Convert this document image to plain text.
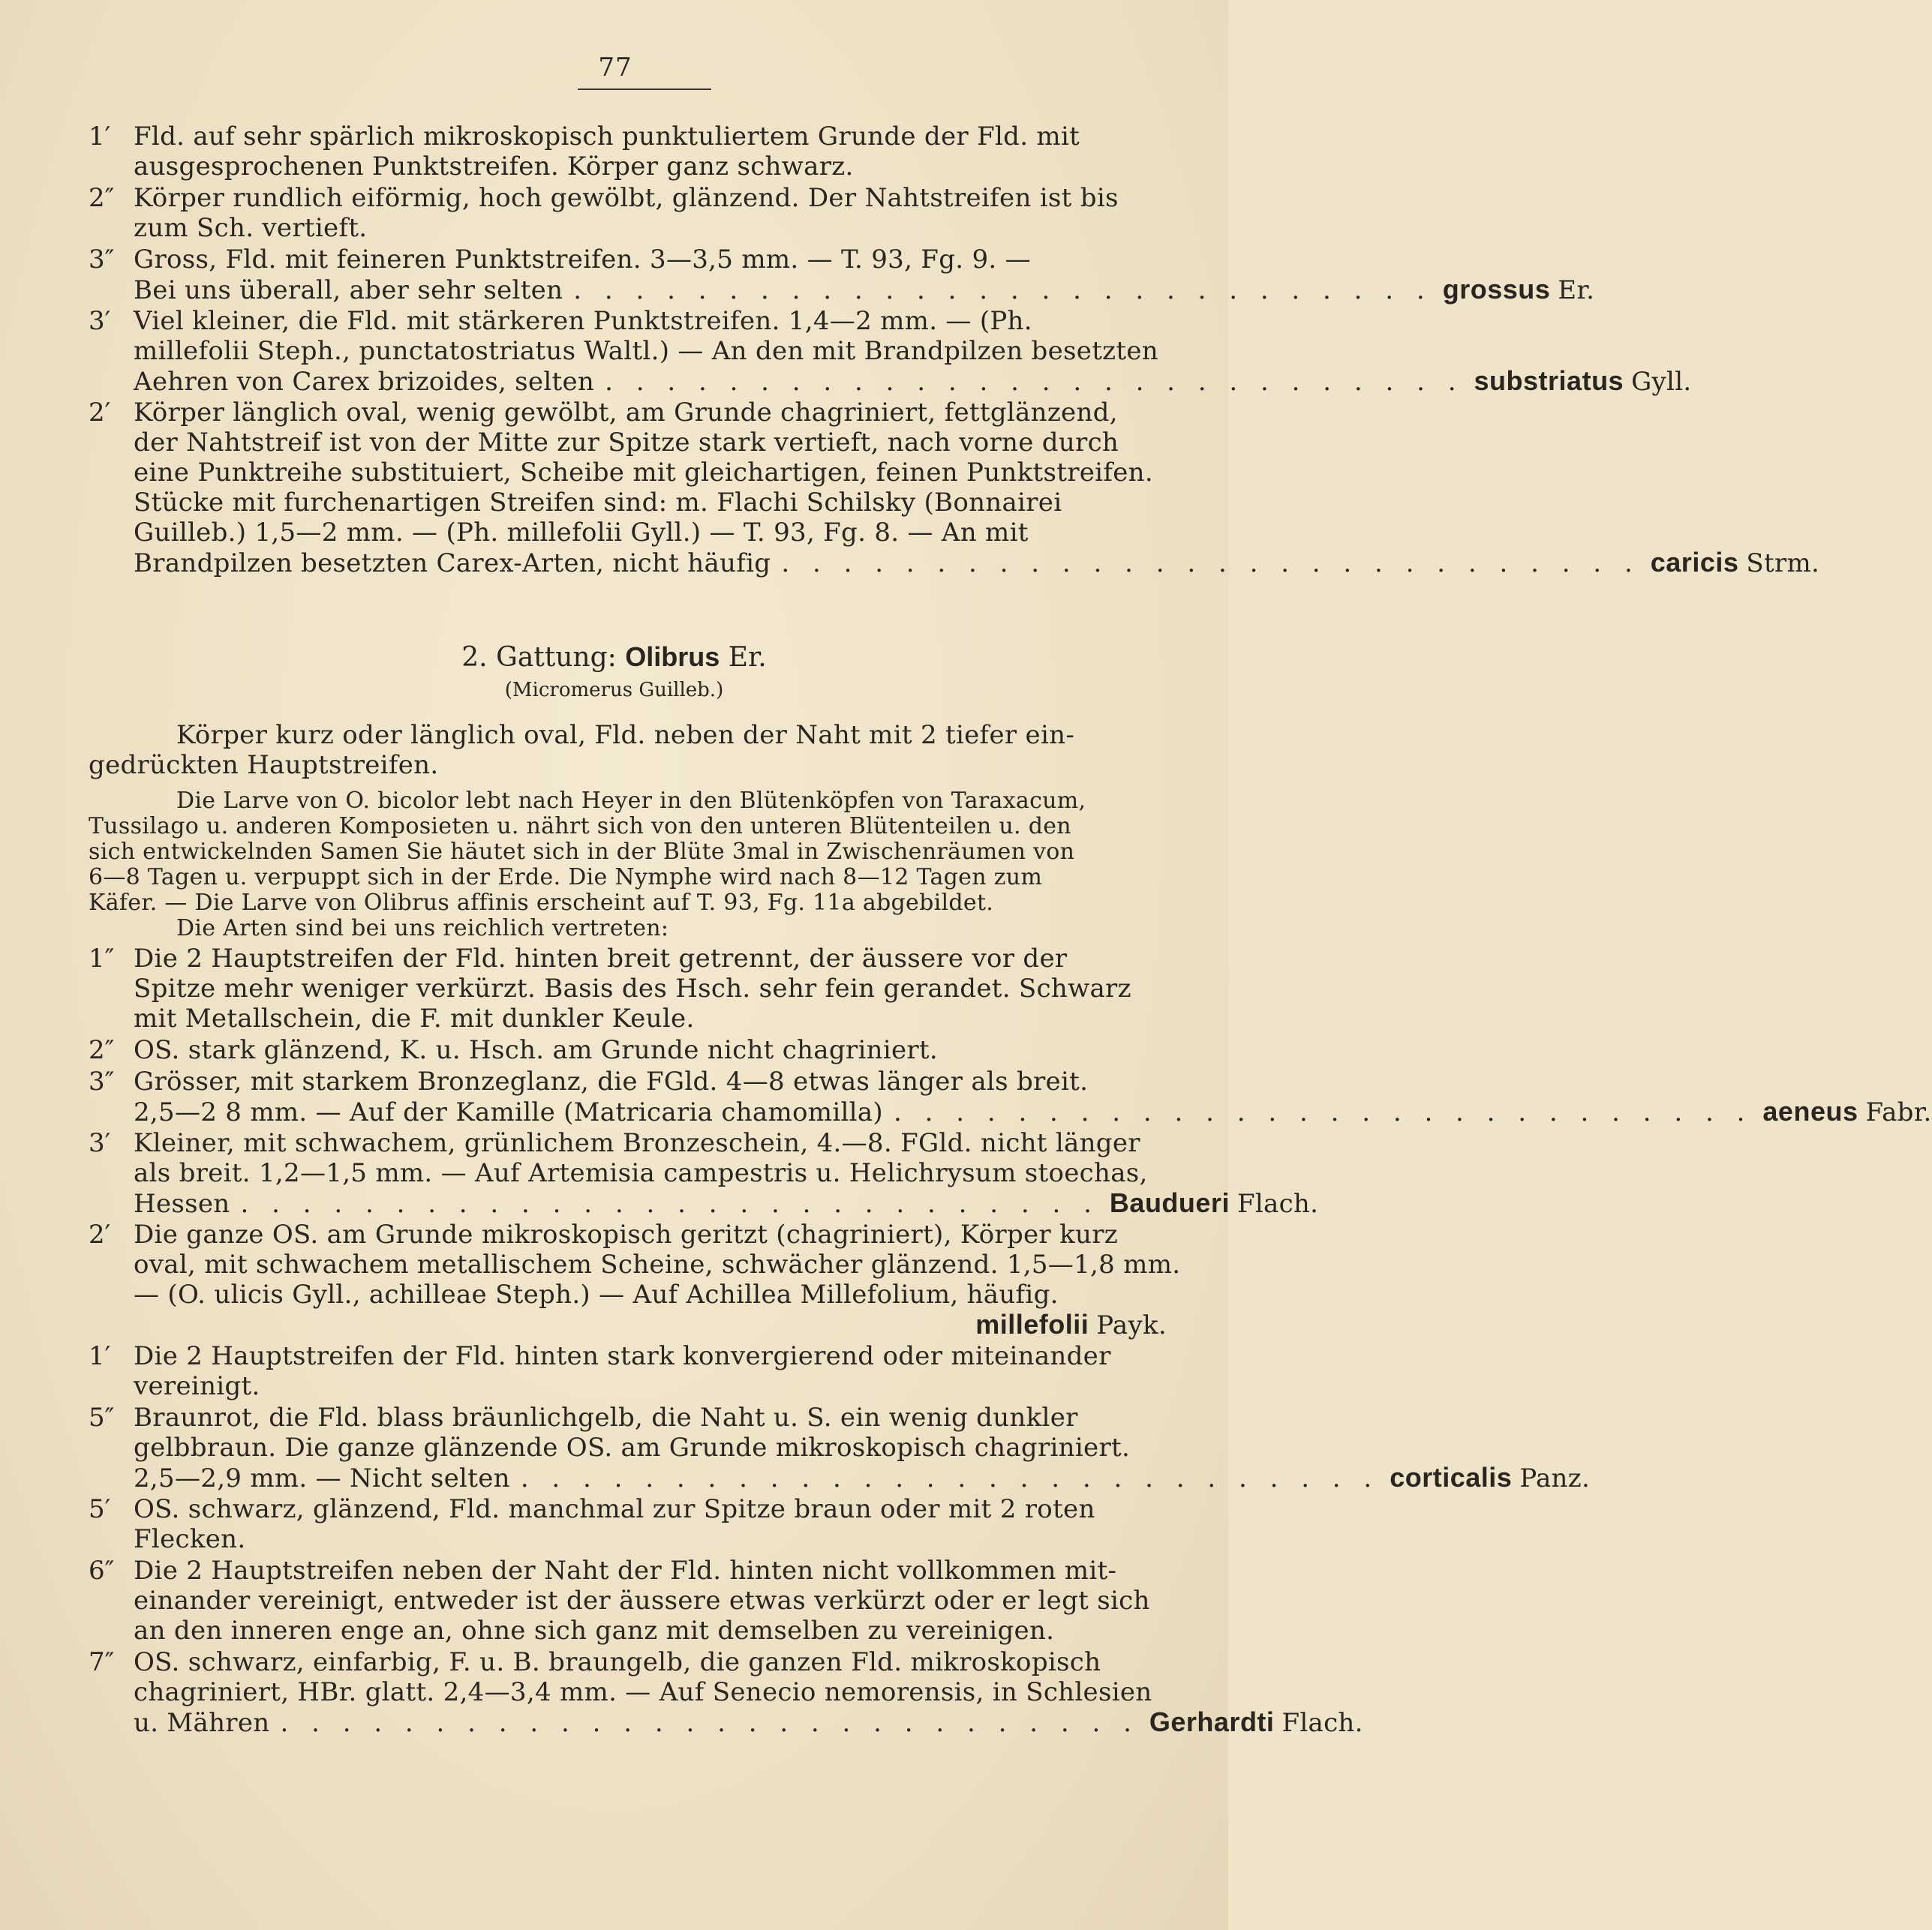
77
1′ Fld. auf sehr spärlich mikroskopisch punktuliertem Grunde der Fld. mit
ausgesprochenen Punktstreifen. Körper ganz schwarz.
2″ Körper rundlich eiförmig, hoch gewölbt, glänzend. Der Nahtstreifen ist bis
zum Sch. vertieft.
3″ Gross, Fld. mit feineren Punktstreifen. 3—3,5 mm. — T. 93, Fg. 9. —
Bei uns überall, aber sehr selten . . . . . . . . . . . . . . . . . . . . . . . . . . . . grossus Er.
3′ Viel kleiner, die Fld. mit stärkeren Punktstreifen. 1,4—2 mm. — (Ph.
millefolii Steph., punctatostriatus Waltl.) — An den mit Brandpilzen besetzten
Aehren von Carex brizoides, selten . . . . . . . . . . . . . . . . . . . . . . . . . . . . substriatus Gyll.
2′ Körper länglich oval, wenig gewölbt, am Grunde chagriniert, fettglänzend,
der Nahtstreif ist von der Mitte zur Spitze stark vertieft, nach vorne durch
eine Punktreihe substituiert, Scheibe mit gleichartigen, feinen Punktstreifen.
Stücke mit furchenartigen Streifen sind: m. Flachi Schilsky (Bonnairei
Guilleb.) 1,5—2 mm. — (Ph. millefolii Gyll.) — T. 93, Fg. 8. — An mit
Brandpilzen besetzten Carex-Arten, nicht häufig . . . . . . . . . . . . . . . . . . . . . . . . . . . . caricis Strm.
2. Gattung: Olibrus Er.
(Micromerus Guilleb.)
Körper kurz oder länglich oval, Fld. neben der Naht mit 2 tiefer ein-
gedrückten Hauptstreifen.
Die Larve von O. bicolor lebt nach Heyer in den Blütenköpfen von Taraxacum,
Tussilago u. anderen Komposieten u. nährt sich von den unteren Blütenteilen u. den
sich entwickelnden Samen Sie häutet sich in der Blüte 3mal in Zwischenräumen von
6—8 Tagen u. verpuppt sich in der Erde. Die Nymphe wird nach 8—12 Tagen zum
Käfer. — Die Larve von Olibrus affinis erscheint auf T. 93, Fg. 11a abgebildet.
Die Arten sind bei uns reichlich vertreten:
1″ Die 2 Hauptstreifen der Fld. hinten breit getrennt, der äussere vor der
Spitze mehr weniger verkürzt. Basis des Hsch. sehr fein gerandet. Schwarz
mit Metallschein, die F. mit dunkler Keule.
2″ OS. stark glänzend, K. u. Hsch. am Grunde nicht chagriniert.
3″ Grösser, mit starkem Bronzeglanz, die FGld. 4—8 etwas länger als breit.
2,5—2 8 mm. — Auf der Kamille (Matricaria chamomilla) . . . . . . . . . . . . . . . . . . . . . . . . . . . . aeneus Fabr.
3′ Kleiner, mit schwachem, grünlichem Bronzeschein, 4.—8. FGld. nicht länger
als breit. 1,2—1,5 mm. — Auf Artemisia campestris u. Helichrysum stoechas,
Hessen . . . . . . . . . . . . . . . . . . . . . . . . . . . . Bauduerі Flach.
2′ Die ganze OS. am Grunde mikroskopisch geritzt (chagriniert), Körper kurz
oval, mit schwachem metallischem Scheine, schwächer glänzend. 1,5—1,8 mm.
— (O. ulicis Gyll., achilleae Steph.) — Auf Achillea Millefolium, häufig.
millefolii Payk.
1′ Die 2 Hauptstreifen der Fld. hinten stark konvergierend oder miteinander
vereinigt.
5″ Braunrot, die Fld. blass bräunlichgelb, die Naht u. S. ein wenig dunkler
gelbbraun. Die ganze glänzende OS. am Grunde mikroskopisch chagriniert.
2,5—2,9 mm. — Nicht selten . . . . . . . . . . . . . . . . . . . . . . . . . . . . corticalis Panz.
5′ OS. schwarz, glänzend, Fld. manchmal zur Spitze braun oder mit 2 roten
Flecken.
6″ Die 2 Hauptstreifen neben der Naht der Fld. hinten nicht vollkommen mit-
einander vereinigt, entweder ist der äussere etwas verkürzt oder er legt sich
an den inneren enge an, ohne sich ganz mit demselben zu vereinigen.
7″ OS. schwarz, einfarbig, F. u. B. braungelb, die ganzen Fld. mikroskopisch
chagriniert, HBr. glatt. 2,4—3,4 mm. — Auf Senecio nemorensis, in Schlesien
u. Mähren . . . . . . . . . . . . . . . . . . . . . . . . . . . . Gerhardti Flach.
